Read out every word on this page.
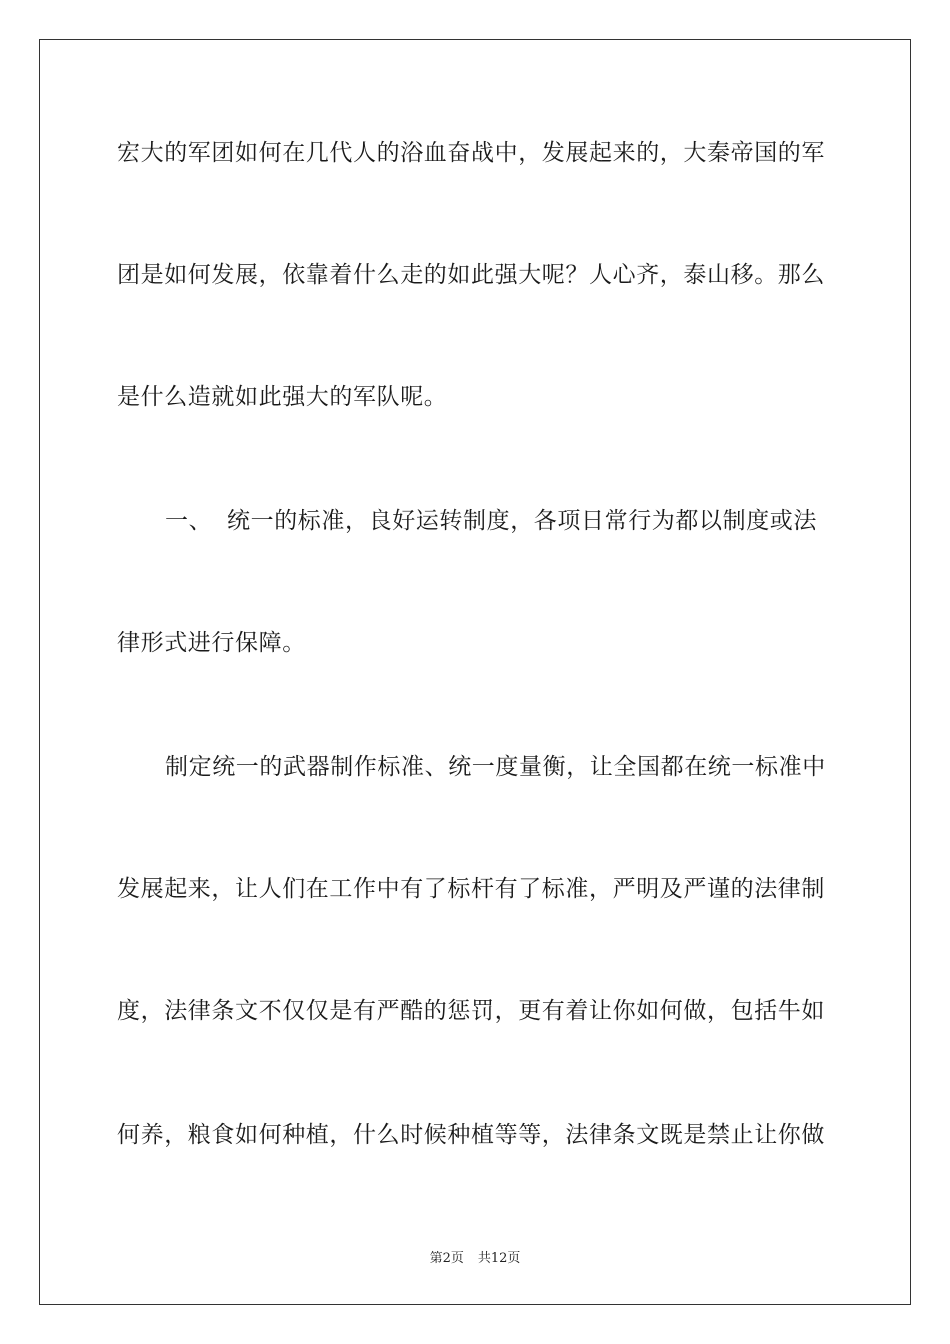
宏大的军团如何在几代人的浴血奋战中，发展起来的，大秦帝国的军
团是如何发展，依靠着什么走的如此强大呢？人心齐，泰山移。那么
是什么造就如此强大的军队呢。
一、 统一的标准，良好运转制度，各项日常行为都以制度或法
律形式进行保障。
制定统一的武器制作标准、统一度量衡，让全国都在统一标准中
发展起来，让人们在工作中有了标杆有了标准，严明及严谨的法律制
度，法律条文不仅仅是有严酷的惩罚，更有着让你如何做，包括牛如
何养，粮食如何种植，什么时候种植等等，法律条文既是禁止让你做
第2页 共12页
